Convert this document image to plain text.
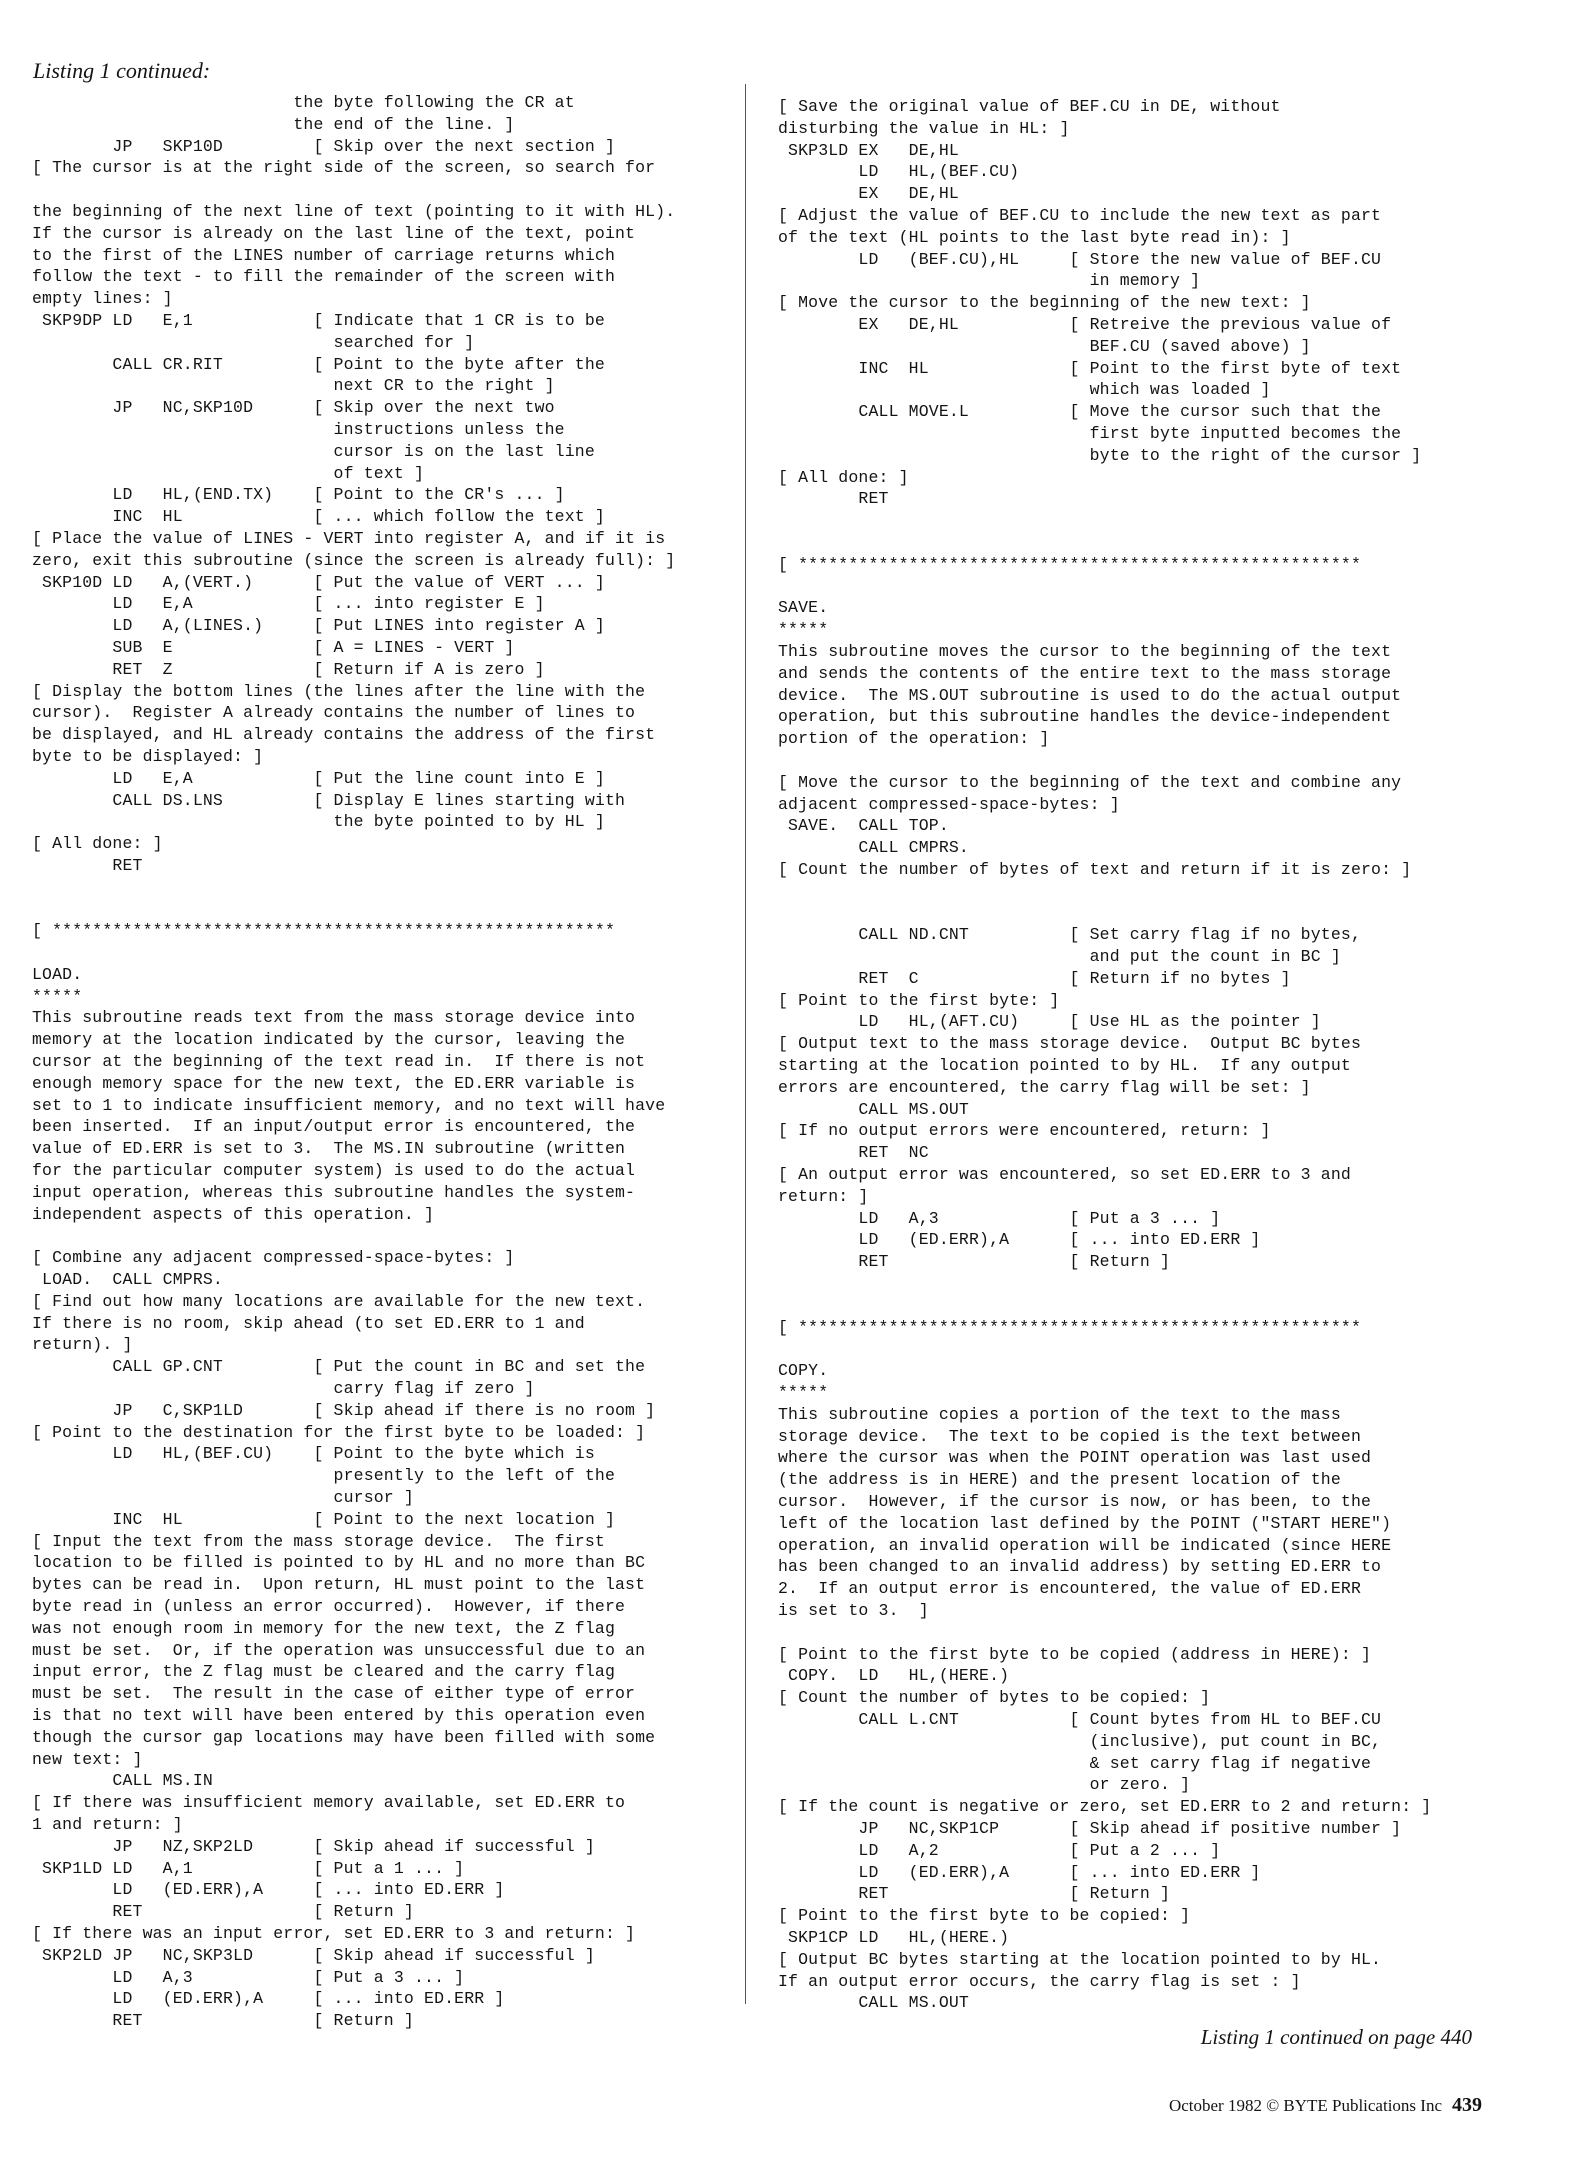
Listing 1 continued:
the byte following the CR at
the end of the line. ]
JP   SKP10D         [ Skip over the next section ]
[ The cursor is at the right side of the screen, so search for

the beginning of the next line of text (pointing to it with HL).
If the cursor is already on the last line of the text, point
to the first of the LINES number of carriage returns which
follow the text - to fill the remainder of the screen with
empty lines: ]
SKP9DP LD   E,1            [ Indicate that 1 CR is to be
searched for ]
CALL CR.RIT         [ Point to the byte after the
next CR to the right ]
JP   NC,SKP10D      [ Skip over the next two
instructions unless the
cursor is on the last line
of text ]
LD   HL,(END.TX)    [ Point to the CR's ... ]
INC  HL             [ ... which follow the text ]
[ Place the value of LINES - VERT into register A, and if it is
zero, exit this subroutine (since the screen is already full): ]
SKP10D LD   A,(VERT.)      [ Put the value of VERT ... ]
LD   E,A            [ ... into register E ]
LD   A,(LINES.)     [ Put LINES into register A ]
SUB  E              [ A = LINES - VERT ]
RET  Z              [ Return if A is zero ]
[ Display the bottom lines (the lines after the line with the
cursor).  Register A already contains the number of lines to
be displayed, and HL already contains the address of the first
byte to be displayed: ]
LD   E,A            [ Put the line count into E ]
CALL DS.LNS         [ Display E lines starting with
the byte pointed to by HL ]
[ All done: ]
RET

[ ********************************************************

LOAD.
*****
This subroutine reads text from the mass storage device into
memory at the location indicated by the cursor, leaving the
cursor at the beginning of the text read in.  If there is not
enough memory space for the new text, the ED.ERR variable is
set to 1 to indicate insufficient memory, and no text will have
been inserted.  If an input/output error is encountered, the
value of ED.ERR is set to 3.  The MS.IN subroutine (written
for the particular computer system) is used to do the actual
input operation, whereas this subroutine handles the system-
independent aspects of this operation. ]

[ Combine any adjacent compressed-space-bytes: ]
LOAD.  CALL CMPRS.
[ Find out how many locations are available for the new text.
If there is no room, skip ahead (to set ED.ERR to 1 and
return). ]
CALL GP.CNT         [ Put the count in BC and set the
carry flag if zero ]
JP   C,SKP1LD       [ Skip ahead if there is no room ]
[ Point to the destination for the first byte to be loaded: ]
LD   HL,(BEF.CU)    [ Point to the byte which is
presently to the left of the
cursor ]
INC  HL             [ Point to the next location ]
[ Input the text from the mass storage device.  The first
location to be filled is pointed to by HL and no more than BC
bytes can be read in.  Upon return, HL must point to the last
byte read in (unless an error occurred).  However, if there
was not enough room in memory for the new text, the Z flag
must be set.  Or, if the operation was unsuccessful due to an
input error, the Z flag must be cleared and the carry flag
must be set.  The result in the case of either type of error
is that no text will have been entered by this operation even
though the cursor gap locations may have been filled with some
new text: ]
CALL MS.IN
[ If there was insufficient memory available, set ED.ERR to
1 and return: ]
JP   NZ,SKP2LD      [ Skip ahead if successful ]
SKP1LD LD   A,1            [ Put a 1 ... ]
LD   (ED.ERR),A     [ ... into ED.ERR ]
RET                 [ Return ]
[ If there was an input error, set ED.ERR to 3 and return: ]
SKP2LD JP   NC,SKP3LD      [ Skip ahead if successful ]
LD   A,3            [ Put a 3 ... ]
LD   (ED.ERR),A     [ ... into ED.ERR ]
RET                 [ Return ]
[ Save the original value of BEF.CU in DE, without
disturbing the value in HL: ]
SKP3LD EX   DE,HL
LD   HL,(BEF.CU)
EX   DE,HL
[ Adjust the value of BEF.CU to include the new text as part
of the text (HL points to the last byte read in): ]
LD   (BEF.CU),HL     [ Store the new value of BEF.CU
in memory ]
[ Move the cursor to the beginning of the new text: ]
EX   DE,HL           [ Retreive the previous value of
BEF.CU (saved above) ]
INC  HL              [ Point to the first byte of text
which was loaded ]
CALL MOVE.L          [ Move the cursor such that the
first byte inputted becomes the
byte to the right of the cursor ]
[ All done: ]
RET

[ ********************************************************

SAVE.
*****
This subroutine moves the cursor to the beginning of the text
and sends the contents of the entire text to the mass storage
device.  The MS.OUT subroutine is used to do the actual output
operation, but this subroutine handles the device-independent
portion of the operation: ]

[ Move the cursor to the beginning of the text and combine any
adjacent compressed-space-bytes: ]
SAVE.  CALL TOP.
CALL CMPRS.
[ Count the number of bytes of text and return if it is zero: ]

CALL ND.CNT          [ Set carry flag if no bytes,
and put the count in BC ]
RET  C               [ Return if no bytes ]
[ Point to the first byte: ]
LD   HL,(AFT.CU)     [ Use HL as the pointer ]
[ Output text to the mass storage device.  Output BC bytes
starting at the location pointed to by HL.  If any output
errors are encountered, the carry flag will be set: ]
CALL MS.OUT
[ If no output errors were encountered, return: ]
RET  NC
[ An output error was encountered, so set ED.ERR to 3 and
return: ]
LD   A,3             [ Put a 3 ... ]
LD   (ED.ERR),A      [ ... into ED.ERR ]
RET                  [ Return ]

[ ********************************************************

COPY.
*****
This subroutine copies a portion of the text to the mass
storage device.  The text to be copied is the text between
where the cursor was when the POINT operation was last used
(the address is in HERE) and the present location of the
cursor.  However, if the cursor is now, or has been, to the
left of the location last defined by the POINT ("START HERE")
operation, an invalid operation will be indicated (since HERE
has been changed to an invalid address) by setting ED.ERR to
2.  If an output error is encountered, the value of ED.ERR
is set to 3.  ]

[ Point to the first byte to be copied (address in HERE): ]
COPY.  LD   HL,(HERE.)
[ Count the number of bytes to be copied: ]
CALL L.CNT           [ Count bytes from HL to BEF.CU
(inclusive), put count in BC,
& set carry flag if negative
or zero. ]
[ If the count is negative or zero, set ED.ERR to 2 and return: ]
JP   NC,SKP1CP       [ Skip ahead if positive number ]
LD   A,2             [ Put a 2 ... ]
LD   (ED.ERR),A      [ ... into ED.ERR ]
RET                  [ Return ]
[ Point to the first byte to be copied: ]
SKP1CP LD   HL,(HERE.)
[ Output BC bytes starting at the location pointed to by HL.
If an output error occurs, the carry flag is set : ]
CALL MS.OUT
Listing 1 continued on page 440
October 1982 © BYTE Publications Inc 439
